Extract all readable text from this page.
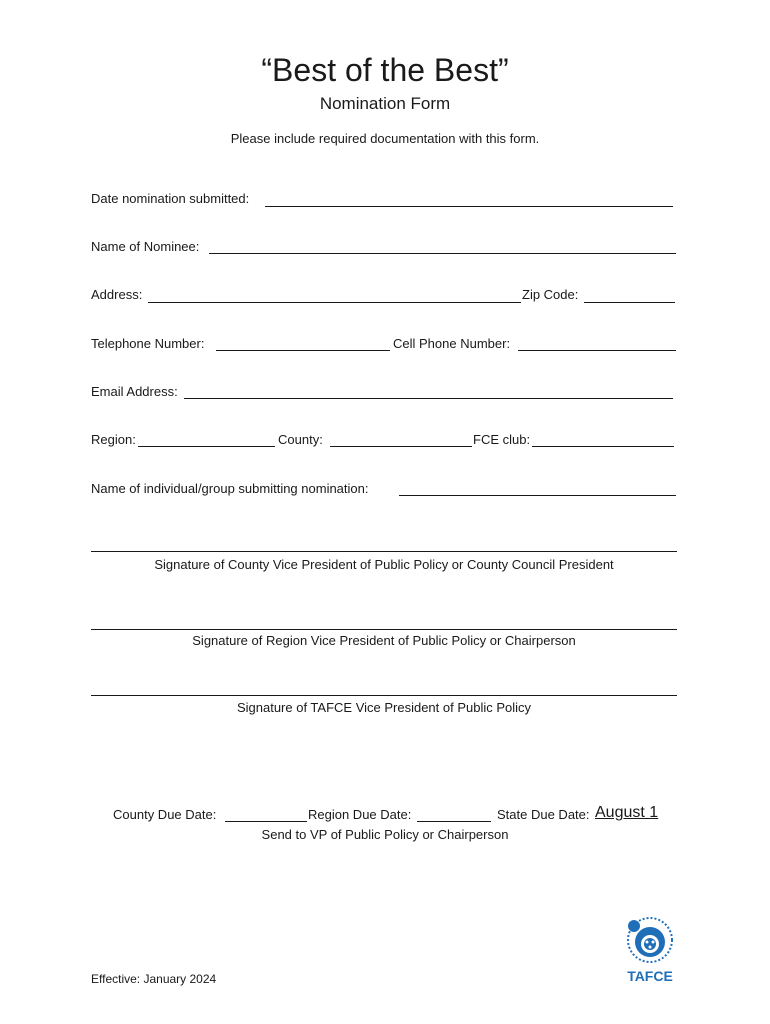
“Best of the Best”
Nomination Form
Please include required documentation with this form.
Date nomination submitted:
Name of Nominee:
Address:	Zip Code:
Telephone Number:	Cell Phone Number:
Email Address:
Region:	County:	FCE club:
Name of individual/group submitting nomination:
Signature of County Vice President of Public Policy or County Council President
Signature of Region Vice President of Public Policy or Chairperson
Signature of TAFCE Vice President of Public Policy
County Due Date:	Region Due Date:	State Due Date: August 1
Send to VP of Public Policy or Chairperson
Effective: January 2024	TAFCE
